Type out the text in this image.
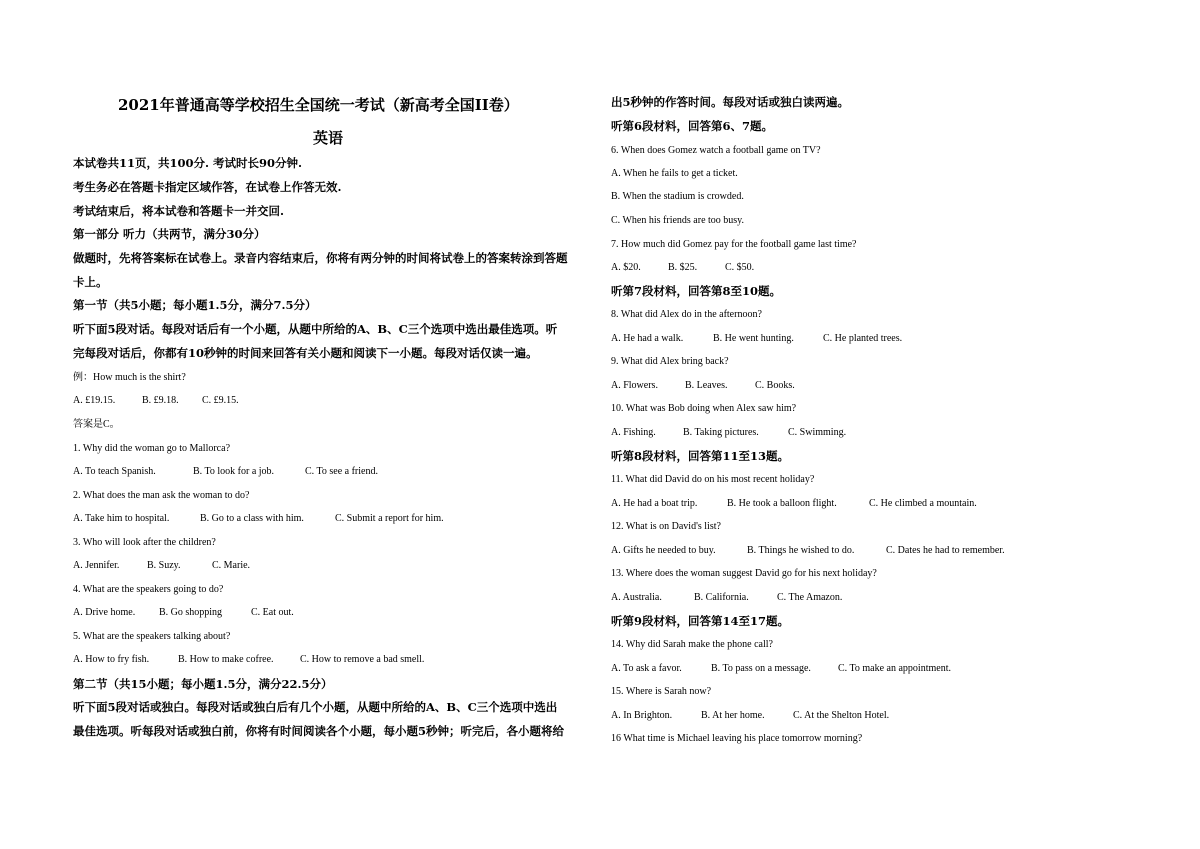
2021年普通高等学校招生全国统一考试（新高考全国II卷）
英语
本试卷共11页，共100分. 考试时长90分钟.
考生务必在答题卡指定区域作答，在试卷上作答无效.
考试结束后，将本试卷和答题卡一并交回.
第一部分 听力（共两节，满分30分）
做题时，先将答案标在试卷上。录音内容结束后，你将有两分钟的时间将试卷上的答案转涂到答题
卡上。
第一节（共5小题；每小题1.5分，满分7.5分）
听下面5段对话。每段对话后有一个小题，从题中所给的A、B、C三个选项中选出最佳选项。听
完每段对话后，你都有10秒钟的时间来回答有关小题和阅读下一小题。每段对话仅读一遍。
例：How much is the shirt?
A. £19.15.	B. £9.18. C. £9.15.
答案是C。
1. Why did the woman go to Mallorca?
A. To teach Spanish.	B. To look for a job.	C. To see a friend.
2. What does the man ask the woman to do?
A. Take him to hospital.	B. Go to a class with him.	C. Submit a report for him.
3. Who will look after the children?
A. Jennifer.	B. Suzy.	C. Marie.
4. What are the speakers going to do?
A. Drive home. B. Go shopping	C. Eat out.
5. What are the speakers talking about?
A. How to fry fish.	B. How to make cofree.	C. How to remove a bad smell.
第二节（共15小题；每小题1.5分，满分22.5分）
听下面5段对话或独白。每段对话或独白后有几个小题，从题中所给的A、B、C三个选项中选出
最佳选项。听每段对话或独白前，你将有时间阅读各个小题，每小题5秒钟；听完后，各小题将给
出5秒钟的作答时间。每段对话或独白读两遍。
听第6段材料，回答第6、7题。
6. When does Gomez watch a football game on TV?
A. When he fails to get a ticket.
B. When the stadium is crowded.
C. When his friends are too busy.
7. How much did Gomez pay for the football game last time?
A. $20.	B. $25.	C. $50.
听第7段材料，回答第8至10题。
8. What did Alex do in the afternoon?
A. He had a walk.	B. He went hunting.	C. He planted trees.
9. What did Alex bring back?
A. Flowers.	B. Leaves.	C. Books.
10. What was Bob doing when Alex saw him?
A. Fishing.	B. Taking pictures.	C. Swimming.
听第8段材料，回答第11至13题。
11. What did David do on his most recent holiday?
A. He had a boat trip.	B. He took a balloon flight.	C. He climbed a mountain.
12. What is on David's list?
A. Gifts he needed to buy.	B. Things he wished to do.	C. Dates he had to remember.
13. Where does the woman suggest David go for his next holiday?
A. Australia.	B. California.	C. The Amazon.
听第9段材料，回答第14至17题。
14. Why did Sarah make the phone call?
A. To ask a favor.	B. To pass on a message.	C. To make an appointment.
15. Where is Sarah now?
A. In Brighton.	B. At her home.	C. At the Shelton Hotel.
16 What time is Michael leaving his place tomorrow morning?
